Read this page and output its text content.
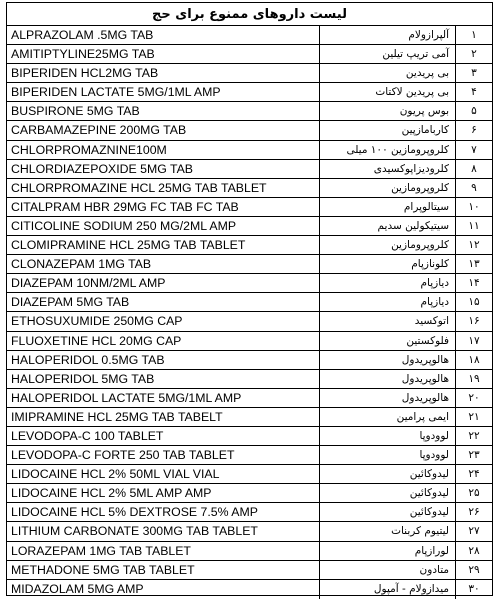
لیست داروهای ممنوع برای حج
ALPRAZOLAM .5MG TAB	آلپرازولام	۱
AMITIPTYLINE25MG TAB	آمی تریپ تیلین	۲
BIPERIDEN HCL2MG TAB	بی پریدین	۳
BIPERIDEN LACTATE 5MG/1ML AMP	بی پریدین لاکتات	۴
BUSPIRONE 5MG TAB	بوس پریون	۵
CARBAMAZEPINE 200MG TAB	کاربامازپین	۶
CHLORPROMAZNINE100M	کلروپرومازین ۱۰۰ میلی	۷
CHLORDIAZEPOXIDE 5MG TAB	کلرودیزاپوکسیدی	۸
CHLORPROMAZINE HCL 25MG TAB TABLET	کلروپرومازین	۹
CITALPRAM HBR 29MG FC TAB FC TAB	سیتالوپرام	۱۰
CITICOLINE SODIUM 250 MG/2ML AMP	سیتیکولین سدیم	۱۱
CLOMIPRAMINE HCL 25MG TAB TABLET	کلروپرومازین	۱۲
CLONAZEPAM 1MG TAB	کلونازپام	۱۳
DIAZEPAM 10NM/2ML AMP	دیازپام	۱۴
DIAZEPAM 5MG TAB	دیازپام	۱۵
ETHOSUXUMIDE 250MG CAP	اتوکسید	۱۶
FLUOXETINE HCL 20MG CAP	فلوکستین	۱۷
HALOPERIDOL 0.5MG TAB	هالوپریدول	۱۸
HALOPERIDOL 5MG TAB	هالوپریدول	۱۹
HALOPERIDOL LACTATE 5MG/1ML AMP	هالوپریدول	۲۰
IMIPRAMINE HCL 25MG TAB TABELT	ایمی پرامین	۲۱
LEVODOPA-C 100 TABLET	لوودوپا	۲۲
LEVODOPA-C FORTE 250 TAB TABLET	لوودوپا	۲۳
LIDOCAINE HCL 2% 50ML VIAL VIAL	لیدوکائین	۲۴
LIDOCAINE HCL 2% 5ML AMP AMP	لیدوکائین	۲۵
LIDOCAINE HCL 5% DEXTROSE 7.5% AMP	لیدوکائین	۲۶
LITHIUM CARBONATE 300MG TAB TABLET	لیتیوم کربنات	۲۷
LORAZEPAM 1MG TAB TABLET	لورازپام	۲۸
METHADONE 5MG TAB TABLET	متادون	۲۹
MIDAZOLAM 5MG AMP	میدازولام - آمپول	۳۰
